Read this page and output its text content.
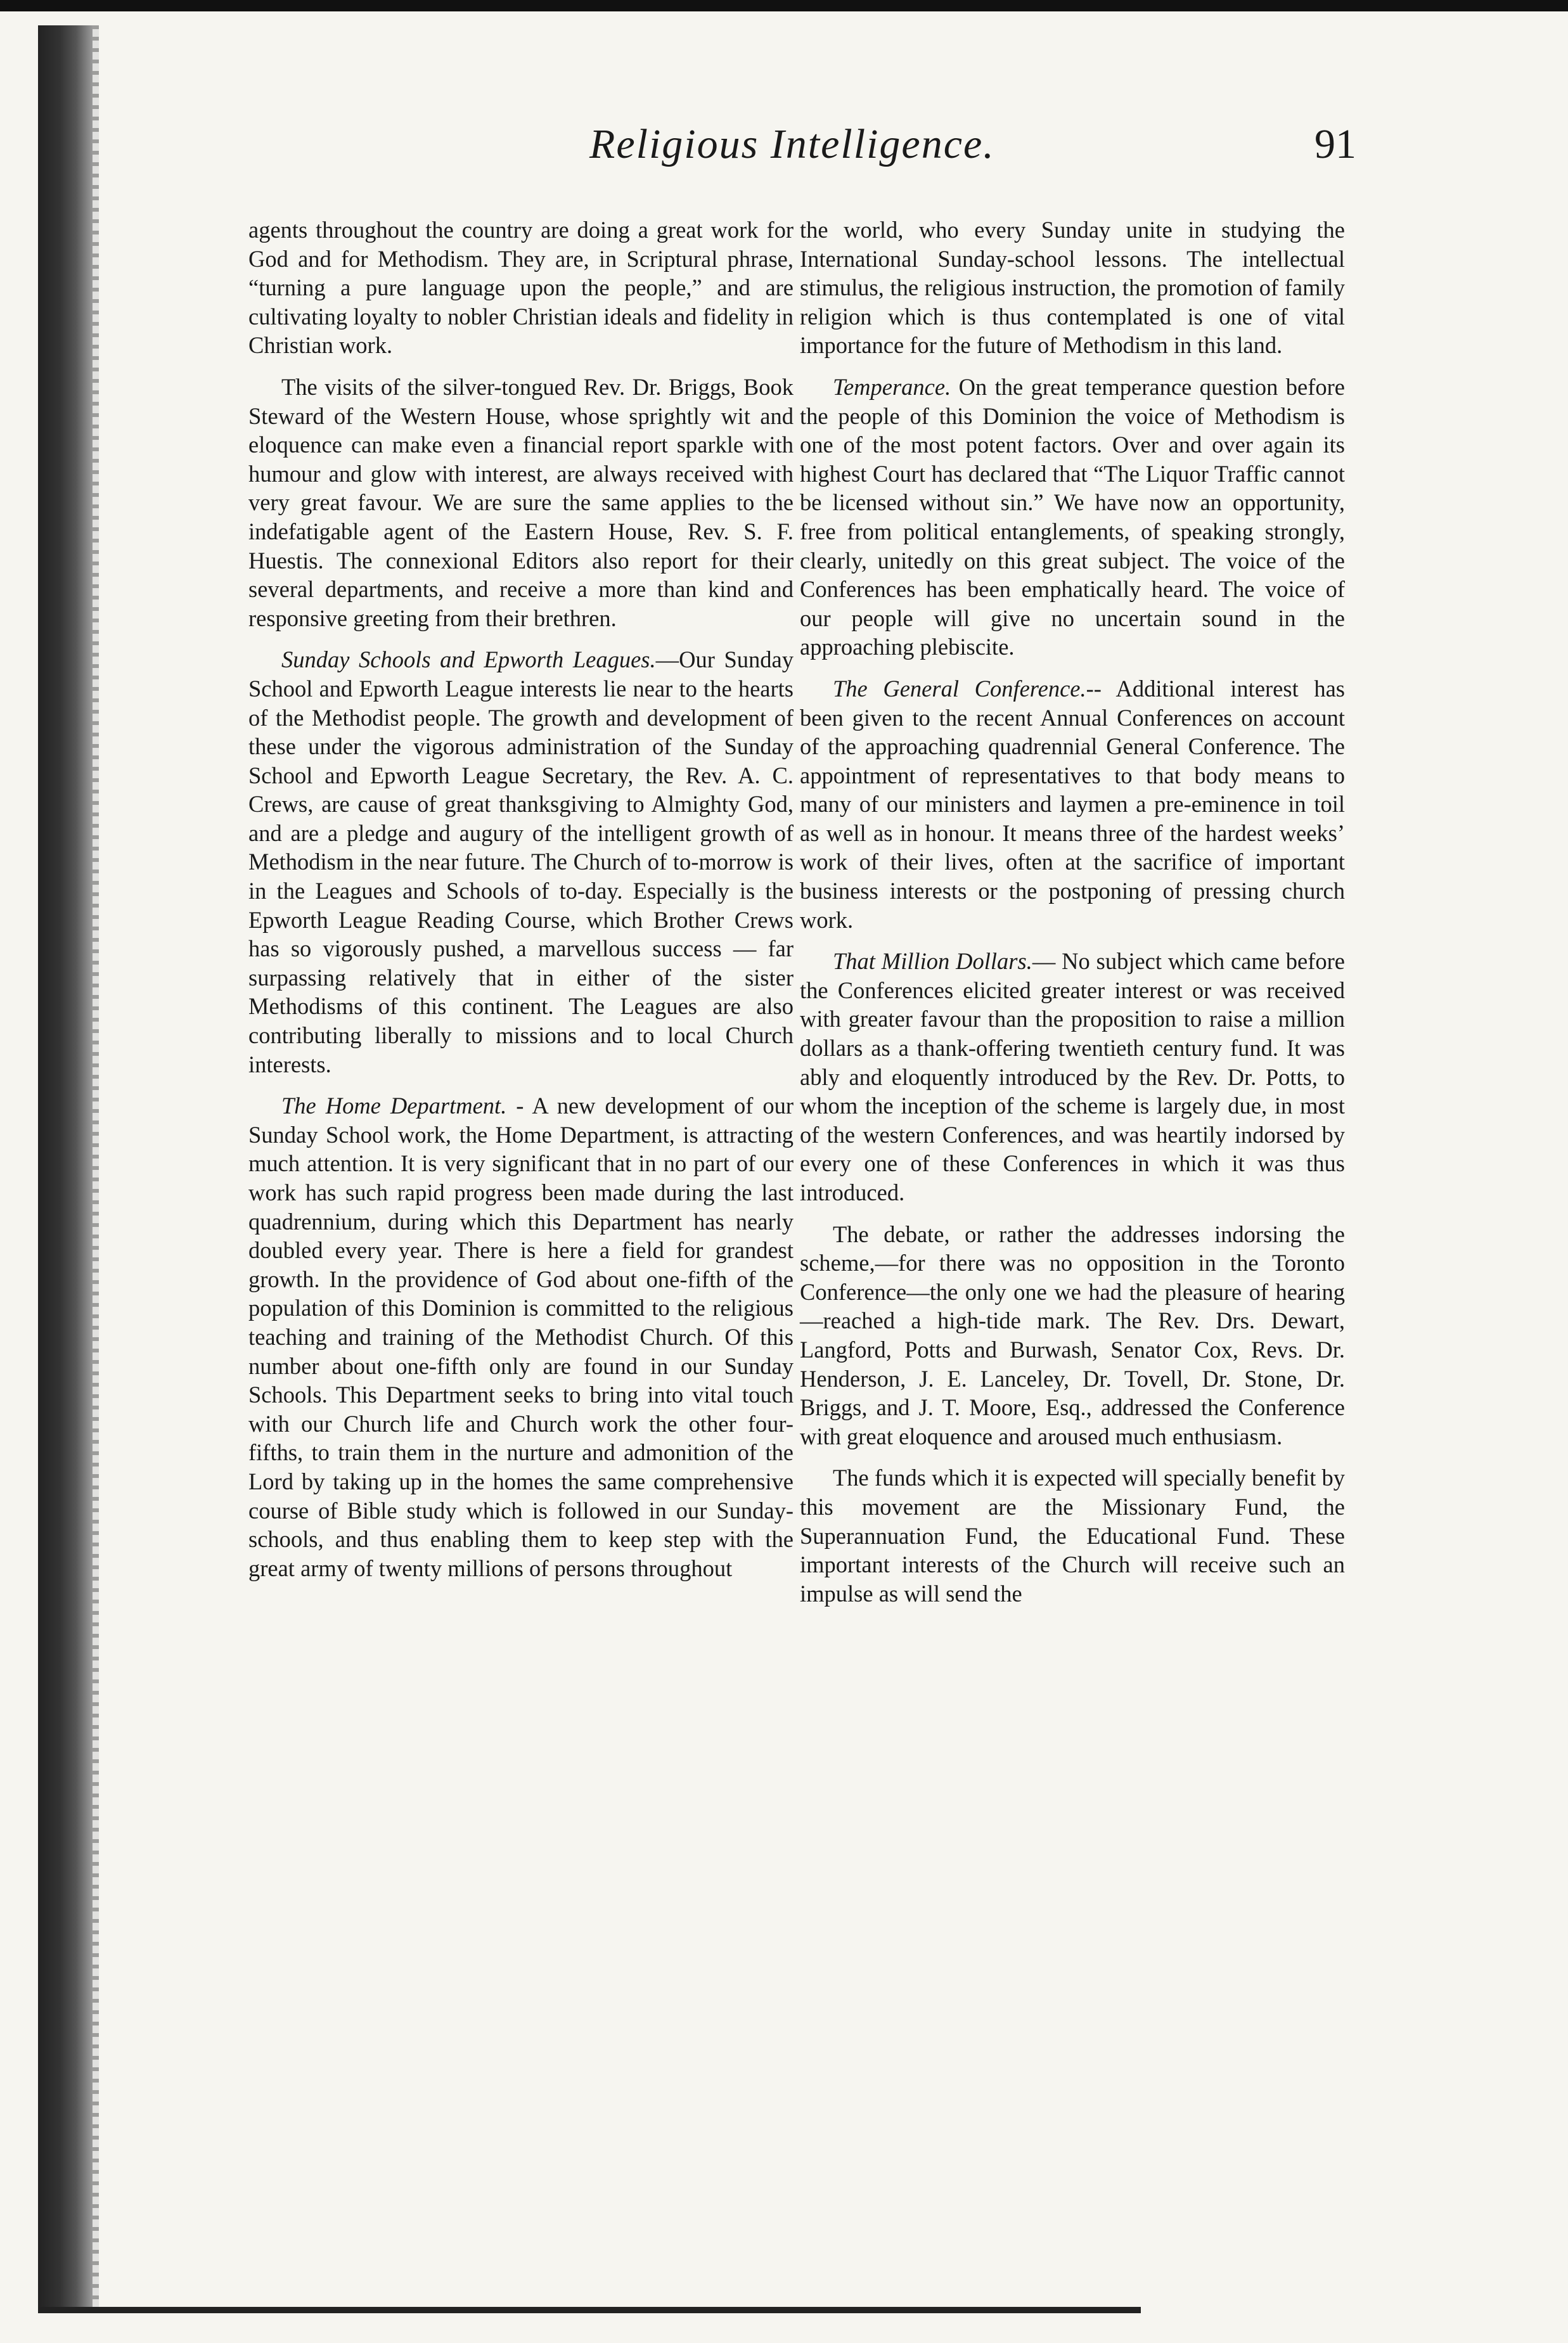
Religious Intelligence.	91

agents throughout the country are doing a great work for God and for Methodism. They are, in Scriptural phrase, “turning a pure language upon the people,” and are cultivating loyalty to nobler Christian ideals and fidelity in Christian work.

The visits of the silver-tongued Rev. Dr. Briggs, Book Steward of the Western House, whose sprightly wit and eloquence can make even a financial report sparkle with humour and glow with interest, are always received with very great favour. We are sure the same applies to the indefatigable agent of the Eastern House, Rev. S. F. Huestis. The connexional Editors also report for their several departments, and receive a more than kind and responsive greeting from their brethren.

Sunday Schools and Epworth Leagues.—Our Sunday School and Epworth League interests lie near to the hearts of the Methodist people. The growth and development of these under the vigorous administration of the Sunday School and Epworth League Secretary, the Rev. A. C. Crews, are cause of great thanksgiving to Almighty God, and are a pledge and augury of the intelligent growth of Methodism in the near future. The Church of to-morrow is in the Leagues and Schools of to-day. Especially is the Epworth League Reading Course, which Brother Crews has so vigorously pushed, a marvellous success — far surpassing relatively that in either of the sister Methodisms of this continent. The Leagues are also contributing liberally to missions and to local Church interests.

The Home Department. - A new development of our Sunday School work, the Home Department, is attracting much attention. It is very significant that in no part of our work has such rapid progress been made during the last quadrennium, during which this Department has nearly doubled every year. There is here a field for grandest growth. In the providence of God about one-fifth of the population of this Dominion is committed to the religious teaching and training of the Methodist Church. Of this number about one-fifth only are found in our Sunday Schools. This Department seeks to bring into vital touch with our Church life and Church work the other four-fifths, to train them in the nurture and admonition of the Lord by taking up in the homes the same comprehensive course of Bible study which is followed in our Sunday-schools, and thus enabling them to keep step with the great army of twenty millions of persons throughout

the world, who every Sunday unite in studying the International Sunday-school lessons. The intellectual stimulus, the religious instruction, the promotion of family religion which is thus contemplated is one of vital importance for the future of Methodism in this land.

Temperance. On the great temperance question before the people of this Dominion the voice of Methodism is one of the most potent factors. Over and over again its highest Court has declared that “The Liquor Traffic cannot be licensed without sin.” We have now an opportunity, free from political entanglements, of speaking strongly, clearly, unitedly on this great subject. The voice of the Conferences has been emphatically heard. The voice of our people will give no uncertain sound in the approaching plebiscite.

The General Conference.-- Additional interest has been given to the recent Annual Conferences on account of the approaching quadrennial General Conference. The appointment of representatives to that body means to many of our ministers and laymen a pre-eminence in toil as well as in honour. It means three of the hardest weeks’ work of their lives, often at the sacrifice of important business interests or the postponing of pressing church work.

That Million Dollars.— No subject which came before the Conferences elicited greater interest or was received with greater favour than the proposition to raise a million dollars as a thank-offering twentieth century fund. It was ably and eloquently introduced by the Rev. Dr. Potts, to whom the inception of the scheme is largely due, in most of the western Conferences, and was heartily indorsed by every one of these Conferences in which it was thus introduced.

The debate, or rather the addresses indorsing the scheme,—for there was no opposition in the Toronto Conference—the only one we had the pleasure of hearing—reached a high-tide mark. The Rev. Drs. Dewart, Langford, Potts and Burwash, Senator Cox, Revs. Dr. Henderson, J. E. Lanceley, Dr. Tovell, Dr. Stone, Dr. Briggs, and J. T. Moore, Esq., addressed the Conference with great eloquence and aroused much enthusiasm.

The funds which it is expected will specially benefit by this movement are the Missionary Fund, the Superannuation Fund, the Educational Fund. These important interests of the Church will receive such an impulse as will send the
